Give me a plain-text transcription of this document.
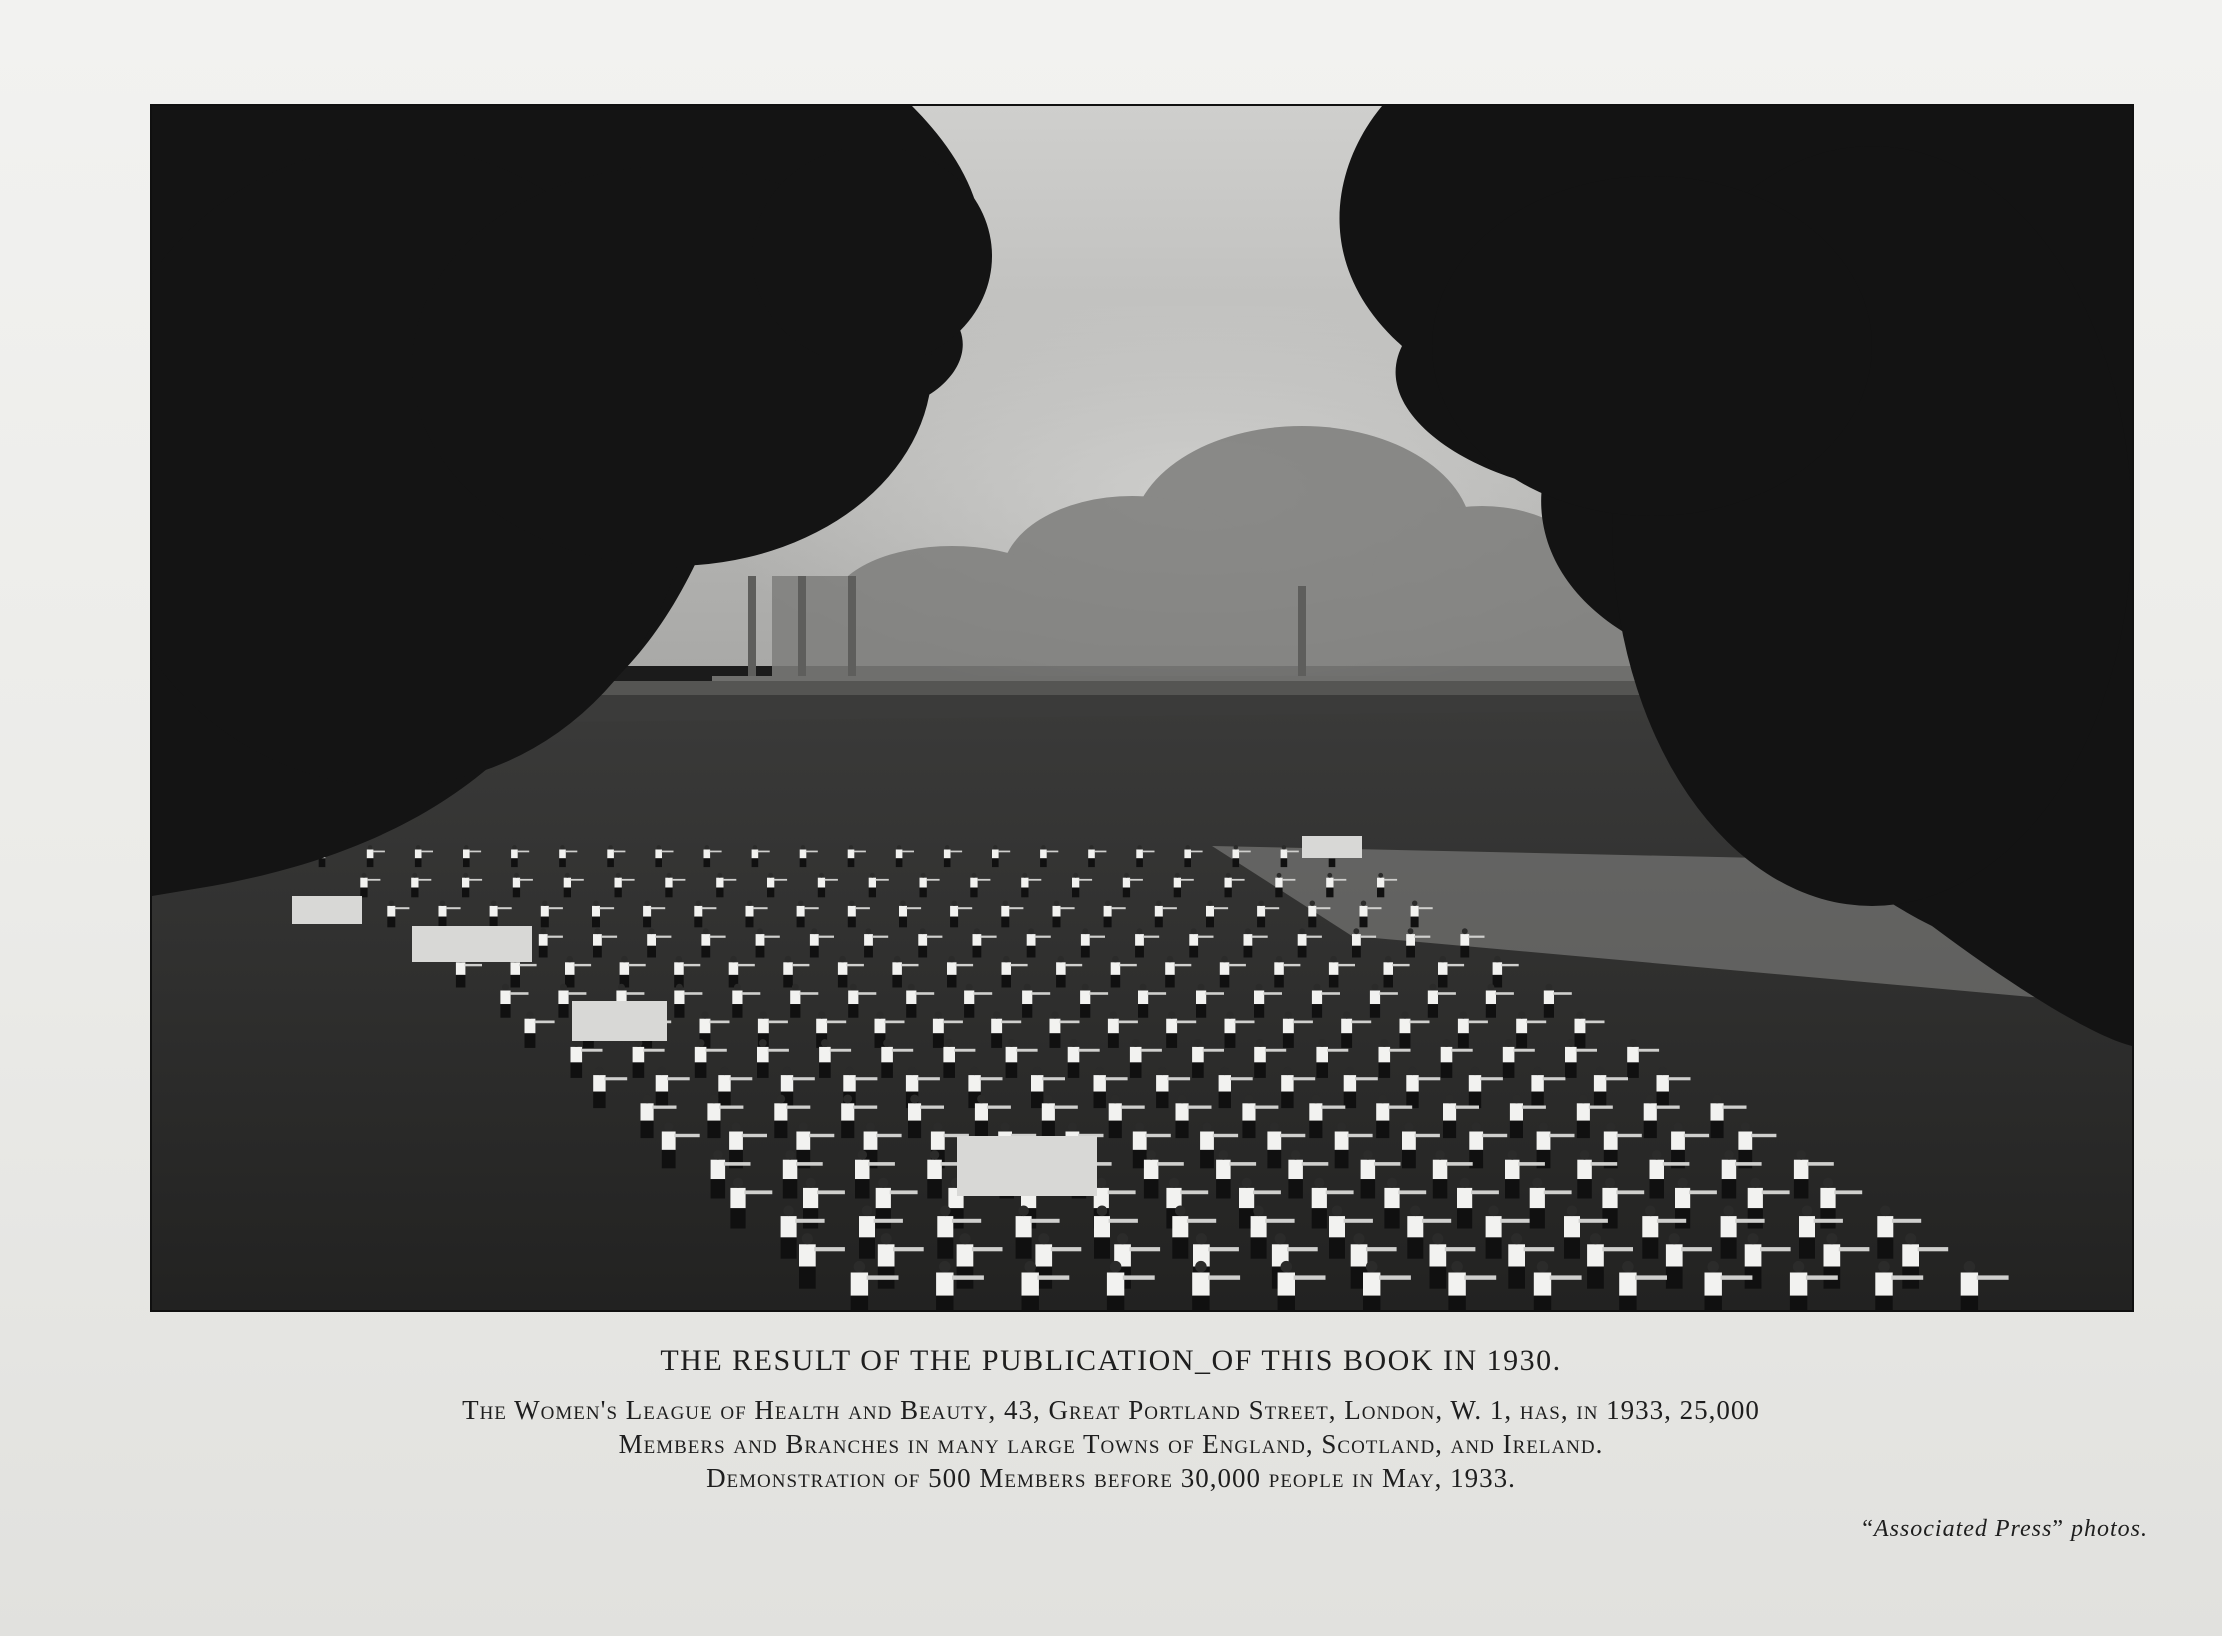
THE RESULT OF THE PUBLICATION_OF THIS BOOK IN 1930.
The Women's League of Health and Beauty, 43, Great Portland Street, London, W. 1, has, in 1933, 25,000
Members and Branches in many large Towns of England, Scotland, and Ireland.
Demonstration of 500 Members before 30,000 people in May, 1933.
“Associated Press” photos.
